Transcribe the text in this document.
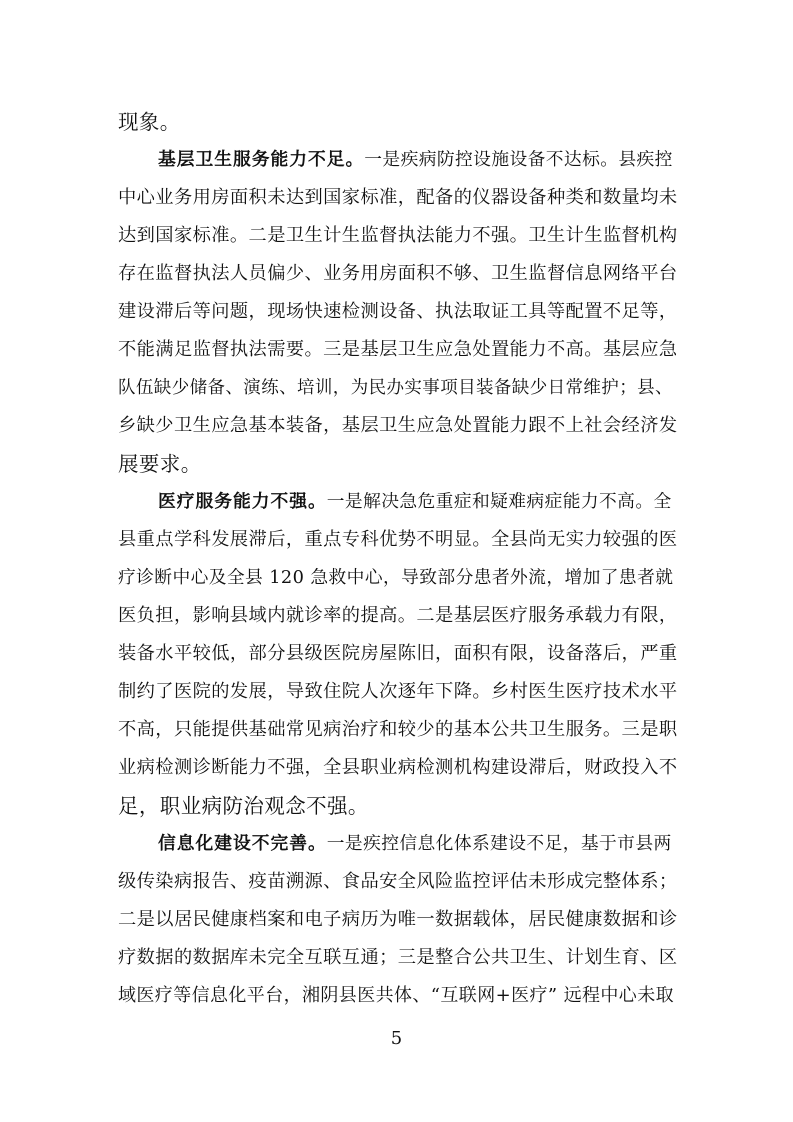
现象。
基层卫生服务能力不足。一是疾病防控设施设备不达标。县疾控
中心业务用房面积未达到国家标准，配备的仪器设备种类和数量均未
达到国家标准。二是卫生计生监督执法能力不强。卫生计生监督机构
存在监督执法人员偏少、业务用房面积不够、卫生监督信息网络平台
建设滞后等问题，现场快速检测设备、执法取证工具等配置不足等，
不能满足监督执法需要。三是基层卫生应急处置能力不高。基层应急
队伍缺少储备、演练、培训，为民办实事项目装备缺少日常维护；县、
乡缺少卫生应急基本装备，基层卫生应急处置能力跟不上社会经济发
展要求。
医疗服务能力不强。一是解决急危重症和疑难病症能力不高。全
县重点学科发展滞后，重点专科优势不明显。全县尚无实力较强的医
疗诊断中心及全县 120 急救中心，导致部分患者外流，增加了患者就
医负担，影响县域内就诊率的提高。二是基层医疗服务承载力有限，
装备水平较低，部分县级医院房屋陈旧，面积有限，设备落后，严重
制约了医院的发展，导致住院人次逐年下降。乡村医生医疗技术水平
不高，只能提供基础常见病治疗和较少的基本公共卫生服务。三是职
业病检测诊断能力不强，全县职业病检测机构建设滞后，财政投入不
足，职业病防治观念不强。
信息化建设不完善。一是疾控信息化体系建设不足，基于市县两
级传染病报告、疫苗溯源、食品安全风险监控评估未形成完整体系；
二是以居民健康档案和电子病历为唯一数据载体，居民健康数据和诊
疗数据的数据库未完全互联互通；三是整合公共卫生、计划生育、区
域医疗等信息化平台，湘阴县医共体、“互联网+医疗” 远程中心未取
5
